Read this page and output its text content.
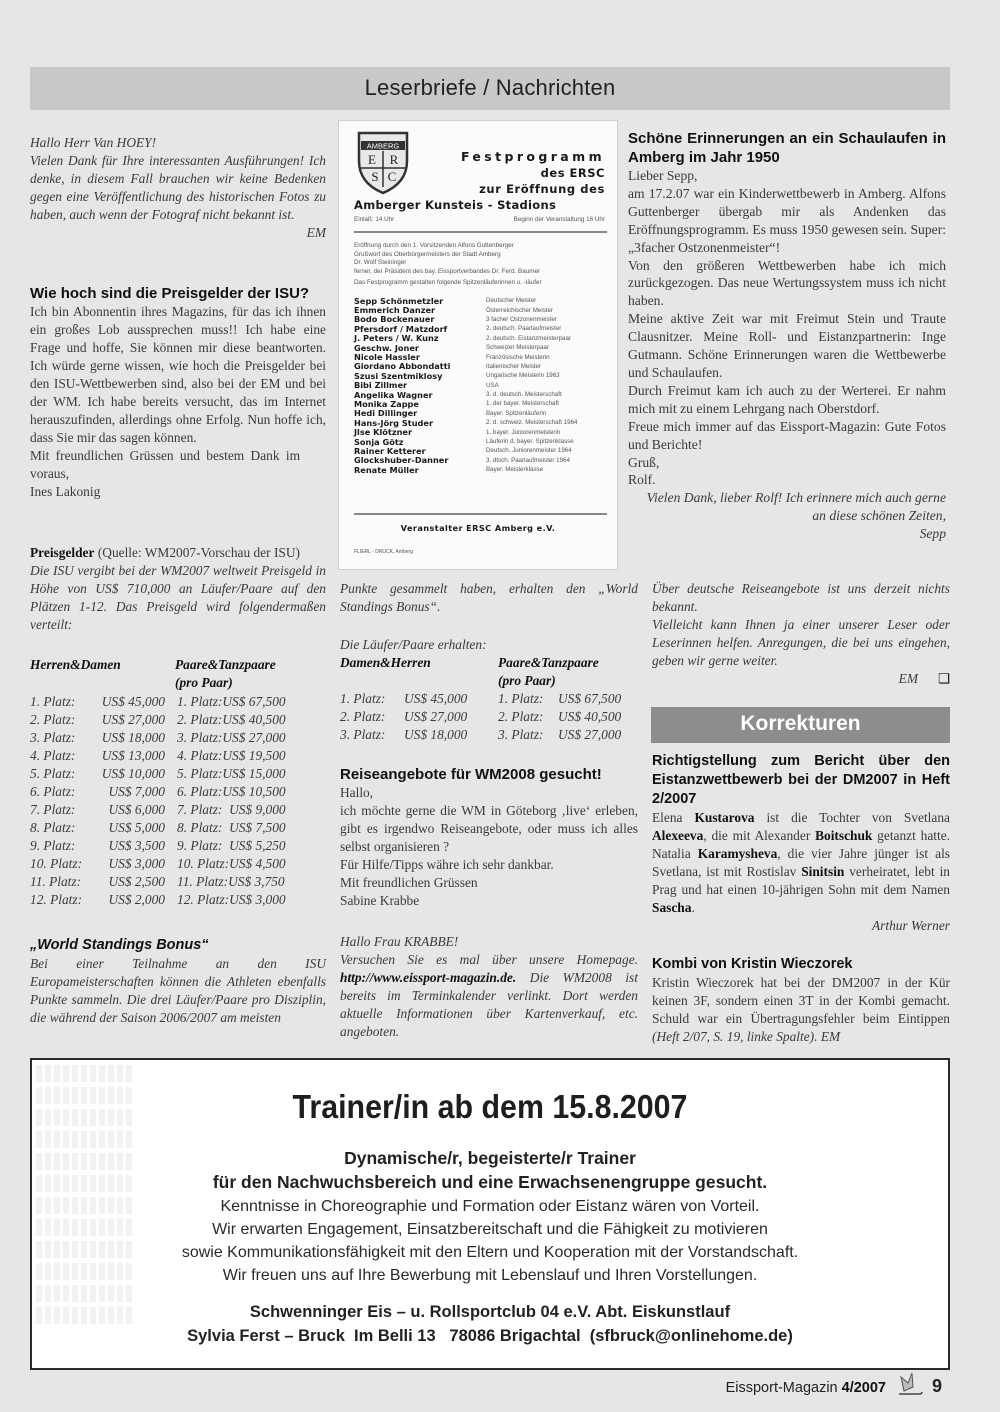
Leserbriefe / Nachrichten

Hallo Herr Van HOEY!

Vielen Dank für Ihre interessanten Ausführungen! Ich denke, in diesem Fall brauchen wir keine Bedenken gegen eine Veröffentlichung des historischen Fotos zu haben, auch wenn der Fotograf nicht bekannt ist.

EM

Wie hoch sind die Preisgelder der ISU?

Ich bin Abonnentin ihres Magazins, für das ich ihnen ein großes Lob aussprechen muss!! Ich habe eine Frage und hoffe, Sie können mir diese beantworten. Ich würde gerne wissen, wie hoch die Preisgelder bei den ISU-Wettbewerben sind, also bei der EM und bei der WM. Ich habe bereits versucht, das im Internet herauszufinden, allerdings ohne Erfolg. Nun hoffe ich, dass Sie mir das sagen können.

Mit freundlichen Grüssen und bestem Dank im voraus,

Ines Lakonig

Preisgelder (Quelle: WM2007-Vorschau der ISU)

Die ISU vergibt bei der WM2007 weltweit Preisgeld in Höhe von US$ 710,000 an Läufer/Paare auf den Plätzen 1-12. Das Preisgeld wird folgendermaßen verteilt:

Herren&Damen	Paare&Tanzpaare
(pro Paar)
1. Platz:	US$ 45,000 1. Platz:US$ 67,500
2. Platz:	US$ 27,000 2. Platz:US$ 40,500
3. Platz:	US$ 18,000 3. Platz:US$ 27,000
4. Platz:	US$ 13,000 4. Platz:US$ 19,500
5. Platz:	US$ 10,000 5. Platz:US$ 15,000
6. Platz:	US$ 7,000 6. Platz:US$ 10,500
7. Platz:	US$ 6,000 7. Platz:  US$ 9,000
8. Platz:	US$ 5,000 8. Platz:  US$ 7,500
9. Platz:	US$ 3,500 9. Platz:  US$ 5,250
10. Platz:	US$ 3,000 10. Platz:US$ 4,500
11. Platz:	US$ 2,500 11. Platz:US$ 3,750
12. Platz:	US$ 2,000 12. Platz:US$ 3,000

„World Standings Bonus“

Bei einer Teilnahme an den ISU Europameisterschaften können die Athleten ebenfalls Punkte sammeln. Die drei Läufer/Paare pro Disziplin, die während der Saison 2006/2007 am meisten

AMBERG
E R
S C
Festprogramm
des ERSC
zur Eröffnung des
Amberger Kunsteis - Stadions
Einlaß: 14 Uhr	Beginn der Veranstaltung 16 Uhr
Eröffnung durch den 1. Vorsitzenden Alfons Guttenberger
Grußwort des Oberbürgermeisters der Stadt Amberg
Dr. Wolf Steininger
ferner, der Präsident des bay. Eissportverbandes Dr. Ferd. Baumer
Das Festprogramm gestalten folgende Spitzenläuferinnen u. -läufer
Sepp Schönmetzler	Deutscher Meister
Emmerich Danzer	Österreichischer Meister
Bodo Bockenauer	3 facher Ostzonenmeister
Pfersdorf / Matzdorf	2. deutsch. Paarlaufmeister
J. Peters / W. Kunz	2. deutsch. Eistanzmeisterpaar
Geschw. Joner	Schweizer Meisterpaar
Nicole Hassler	Französische Meisterin
Giordano Abbondatti	Italienischer Meister
Szusi Szentmiklosy	Ungarische Meisterin 1963
Bibi Zillmer	USA
Angelika Wagner	3. d. deutsch. Meisterschaft
Monika Zappe	1. der bayer. Meisterschaft
Hedi Dillinger	Bayer. Spitzenläuferin
Hans-Jörg Studer	2. d. schweiz. Meisterschaft 1964
Jlse Klötzner	1. bayer. Juniorenmeisterin
Sonja Götz	Läuferin d. bayer. Spitzenklasse
Rainer Ketterer	Deutsch. Juniorenmeister 1964
Glockshuber-Danner	3. dtsch. Paarlaufmeister 1964
Renate Müller	Bayer. Meisterklasse
Veranstalter ERSC Amberg e.V.
FLIERL - DRUCK, Amberg

Schöne Erinnerungen an ein Schaulaufen in Amberg im Jahr 1950

Lieber Sepp,

am 17.2.07 war ein Kinderwettbewerb in Amberg. Alfons Guttenberger übergab mir als Andenken das Eröffnungsprogramm. Es muss 1950 gewesen sein. Super: „3facher Ostzonenmeister“!

Von den größeren Wettbewerben habe ich mich zurückgezogen. Das neue Wertungssystem muss ich nicht haben.

Meine aktive Zeit war mit Freimut Stein und Traute Clausnitzer. Meine Roll- und Eistanzpartnerin: Inge Gutmann. Schöne Erinnerungen waren die Wettbewerbe und Schaulaufen.

Durch Freimut kam ich auch zu der Werterei. Er nahm mich mit zu einem Lehrgang nach Oberstdorf.

Freue mich immer auf das Eissport-Magazin: Gute Fotos und Berichte!

Gruß,

Rolf.

Vielen Dank, lieber Rolf! Ich erinnere mich auch gerne an diese schönen Zeiten,

Sepp

Punkte gesammelt haben, erhalten den „World Standings Bonus“.

Die Läufer/Paare erhalten:

Damen&Herren	Paare&Tanzpaare
(pro Paar)
1. Platz:	US$ 45,000	1. Platz:	US$ 67,500
2. Platz:	US$ 27,000	2. Platz:	US$ 40,500
3. Platz:	US$ 18,000	3. Platz:	US$ 27,000

Reiseangebote für WM2008 gesucht!

Hallo,

ich möchte gerne die WM in Göteborg ‚live‘ erleben, gibt es irgendwo Reiseangebote, oder muss ich alles selbst organisieren ?

Für Hilfe/Tipps währe ich sehr dankbar.

Mit freundlichen Grüssen

Sabine Krabbe

Hallo Frau KRABBE!

Versuchen Sie es mal über unsere Homepage. http://www.eissport-magazin.de. Die WM2008 ist bereits im Terminkalender verlinkt. Dort werden aktuelle Informationen über Kartenverkauf, etc. angeboten.

Über deutsche Reiseangebote ist uns derzeit nichts bekannt.

Vielleicht kann Ihnen ja einer unserer Leser oder Leserinnen helfen. Anregungen, die bei uns eingehen, geben wir gerne weiter.

EM ❑

Korrekturen

Richtigstellung zum Bericht über den Eistanzwettbewerb bei der DM2007 in Heft 2/2007

Elena Kustarova ist die Tochter von Svetlana Alexeeva, die mit Alexander Boitschuk getanzt hatte. Natalia Karamysheva, die vier Jahre jünger ist als Svetlana, ist mit Rostislav Sinitsin verheiratet, lebt in Prag und hat einen 10-jährigen Sohn mit dem Namen Sascha.

Arthur Werner

Kombi von Kristin Wieczorek

Kristin Wieczorek hat bei der DM2007 in der Kür keinen 3F, sondern einen 3T in der Kombi gemacht. Schuld war ein Übertragungsfehler beim Eintippen (Heft 2/07, S. 19, linke Spalte). EM

Trainer/in ab dem 15.8.2007
Dynamische/r, begeisterte/r Trainer
für den Nachwuchsbereich und eine Erwachsenengruppe gesucht.
Kenntnisse in Choreographie und Formation oder Eistanz wären von Vorteil.
Wir erwarten Engagement, Einsatzbereitschaft und die Fähigkeit zu motivieren
sowie Kommunikationsfähigkeit mit den Eltern und Kooperation mit der Vorstandschaft.
Wir freuen uns auf Ihre Bewerbung mit Lebenslauf und Ihren Vorstellungen.
Schwenninger Eis – u. Rollsportclub 04 e.V. Abt. Eiskunstlauf
Sylvia Ferst – Bruck  Im Belli 13   78086 Brigachtal  (sfbruck@onlinehome.de)
Eissport-Magazin 4/2007	9
